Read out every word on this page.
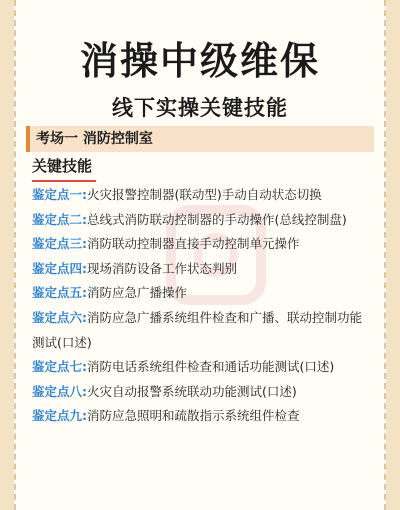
消操中级维保
线下实操关键技能
考场一 消防控制室
关键技能

鉴定点一:火灾报警控制器(联动型)手动自动状态切换

鉴定点二:总线式消防联动控制器的手动操作(总线控制盘)

鉴定点三:消防联动控制器直接手动控制单元操作

鉴定点四:现场消防设备工作状态判别

鉴定点五:消防应急广播操作

鉴定点六:消防应急广播系统组件检查和广播、联动控制功能测试(口述)

鉴定点七:消防电话系统组件检查和通话功能测试(口述)

鉴定点八:火灾自动报警系统联动功能测试(口述)

鉴定点九:消防应急照明和疏散指示系统组件检查
